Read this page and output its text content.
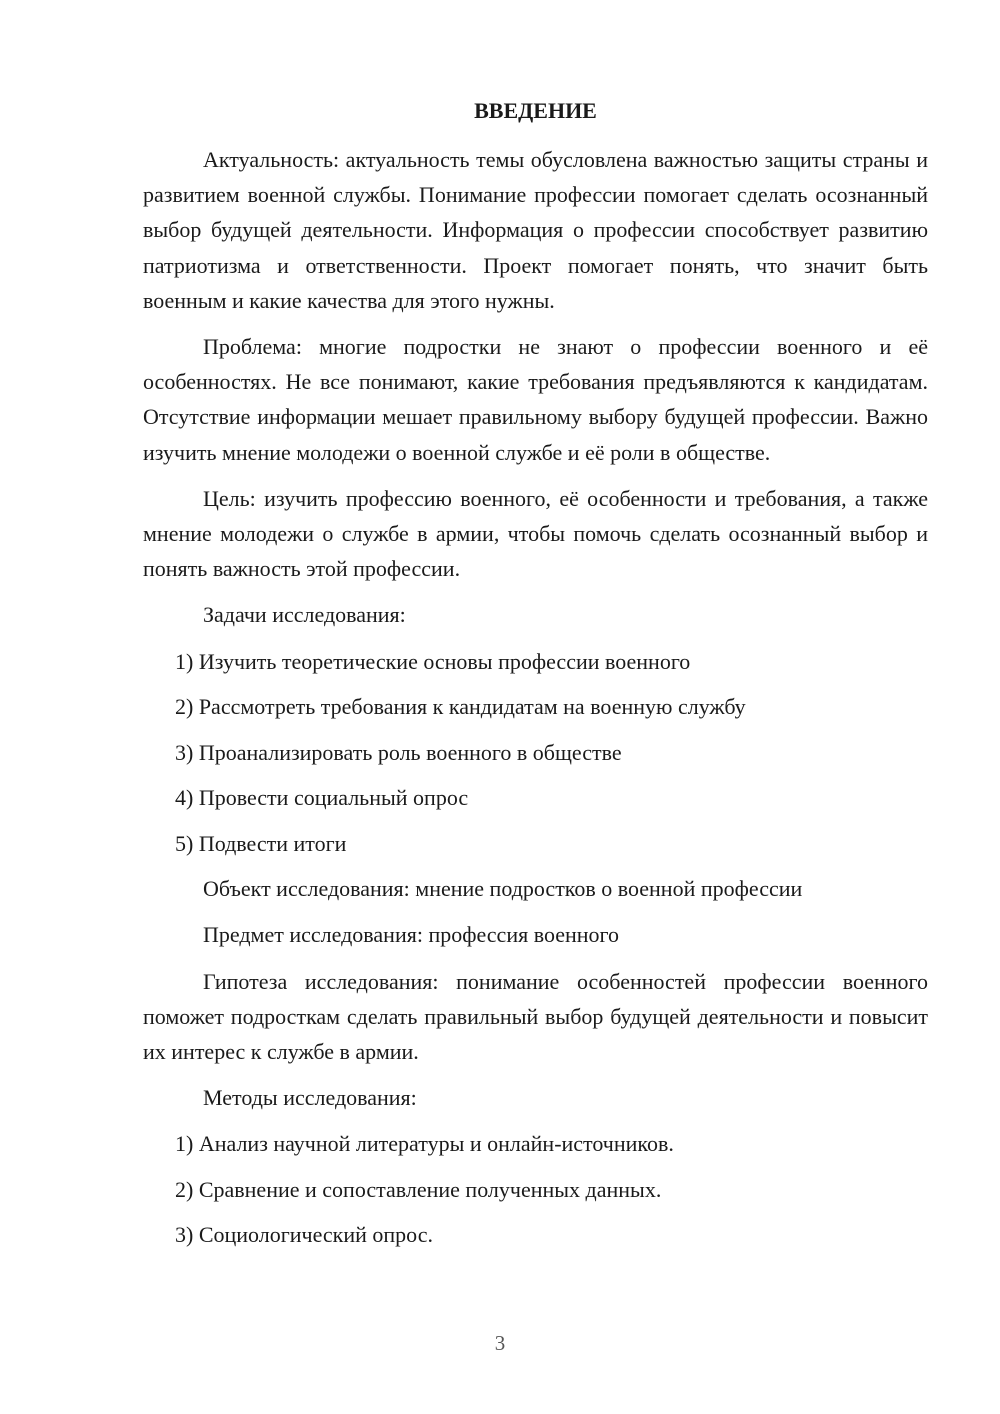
ВВЕДЕНИЕ

Актуальность: актуальность темы обусловлена важностью защиты страны и развитием военной службы. Понимание профессии помогает сделать осознанный выбор будущей деятельности. Информация о профессии способствует развитию патриотизма и ответственности. Проект помогает понять, что значит быть военным и какие качества для этого нужны.

Проблема: многие подростки не знают о профессии военного и её особенностях. Не все понимают, какие требования предъявляются к кандидатам. Отсутствие информации мешает правильному выбору будущей профессии. Важно изучить мнение молодежи о военной службе и её роли в обществе.

Цель: изучить профессию военного, её особенности и требования, а также мнение молодежи о службе в армии, чтобы помочь сделать осознанный выбор и понять важность этой профессии.

Задачи исследования:

1) Изучить теоретические основы профессии военного
2) Рассмотреть требования к кандидатам на военную службу
3) Проанализировать роль военного в обществе
4) Провести социальный опрос
5) Подвести итоги

Объект исследования: мнение подростков о военной профессии

Предмет исследования: профессия военного

Гипотеза исследования: понимание особенностей профессии военного поможет подросткам сделать правильный выбор будущей деятельности и повысит их интерес к службе в армии.

Методы исследования:

1) Анализ научной литературы и онлайн-источников.
2) Сравнение и сопоставление полученных данных.
3) Социологический опрос.
3
